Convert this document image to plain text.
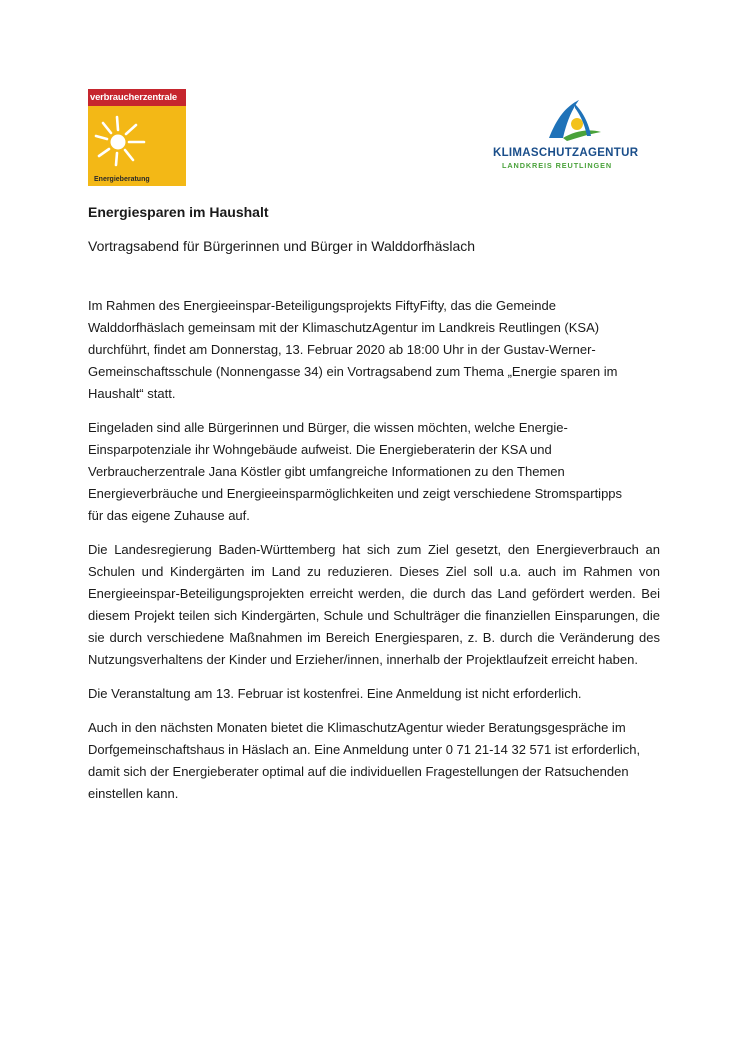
verbraucherzentrale
Energieberatung
KLIMASCHUTZAGENTUR
LANDKREIS REUTLINGEN
Energiesparen im Haushalt
Vortragsabend für Bürgerinnen und Bürger in Walddorfhäslach

Im Rahmen des Energieeinspar-Beteiligungsprojekts FiftyFifty, das die Gemeinde
Walddorfhäslach gemeinsam mit der KlimaschutzAgentur im Landkreis Reutlingen (KSA)
durchführt, findet am Donnerstag, 13. Februar 2020 ab 18:00 Uhr in der Gustav-Werner-
Gemeinschaftsschule (Nonnengasse 34) ein Vortragsabend zum Thema „Energie sparen im
Haushalt“ statt.

Eingeladen sind alle Bürgerinnen und Bürger, die wissen möchten, welche Energie-
Einsparpotenziale ihr Wohngebäude aufweist. Die Energieberaterin der KSA und
Verbraucherzentrale Jana Köstler gibt umfangreiche Informationen zu den Themen
Energieverbräuche und Energieeinsparmöglichkeiten und zeigt verschiedene Stromspartipps
für das eigene Zuhause auf.

Die Landesregierung Baden-Württemberg hat sich zum Ziel gesetzt, den Energieverbrauch an Schulen und Kindergärten im Land zu reduzieren. Dieses Ziel soll u.a. auch im Rahmen von Energieeinspar-Beteiligungsprojekten erreicht werden, die durch das Land gefördert werden. Bei diesem Projekt teilen sich Kindergärten, Schule und Schulträger die finanziellen Einsparungen, die sie durch verschiedene Maßnahmen im Bereich Energiesparen, z. B. durch die Veränderung des Nutzungsverhaltens der Kinder und Erzieher/innen, innerhalb der Projektlaufzeit erreicht haben.

Die Veranstaltung am 13. Februar ist kostenfrei. Eine Anmeldung ist nicht erforderlich.

Auch in den nächsten Monaten bietet die KlimaschutzAgentur wieder Beratungsgespräche im
Dorfgemeinschaftshaus in Häslach an. Eine Anmeldung unter 0 71 21-14 32 571 ist erforderlich,
damit sich der Energieberater optimal auf die individuellen Fragestellungen der Ratsuchenden
einstellen kann.
